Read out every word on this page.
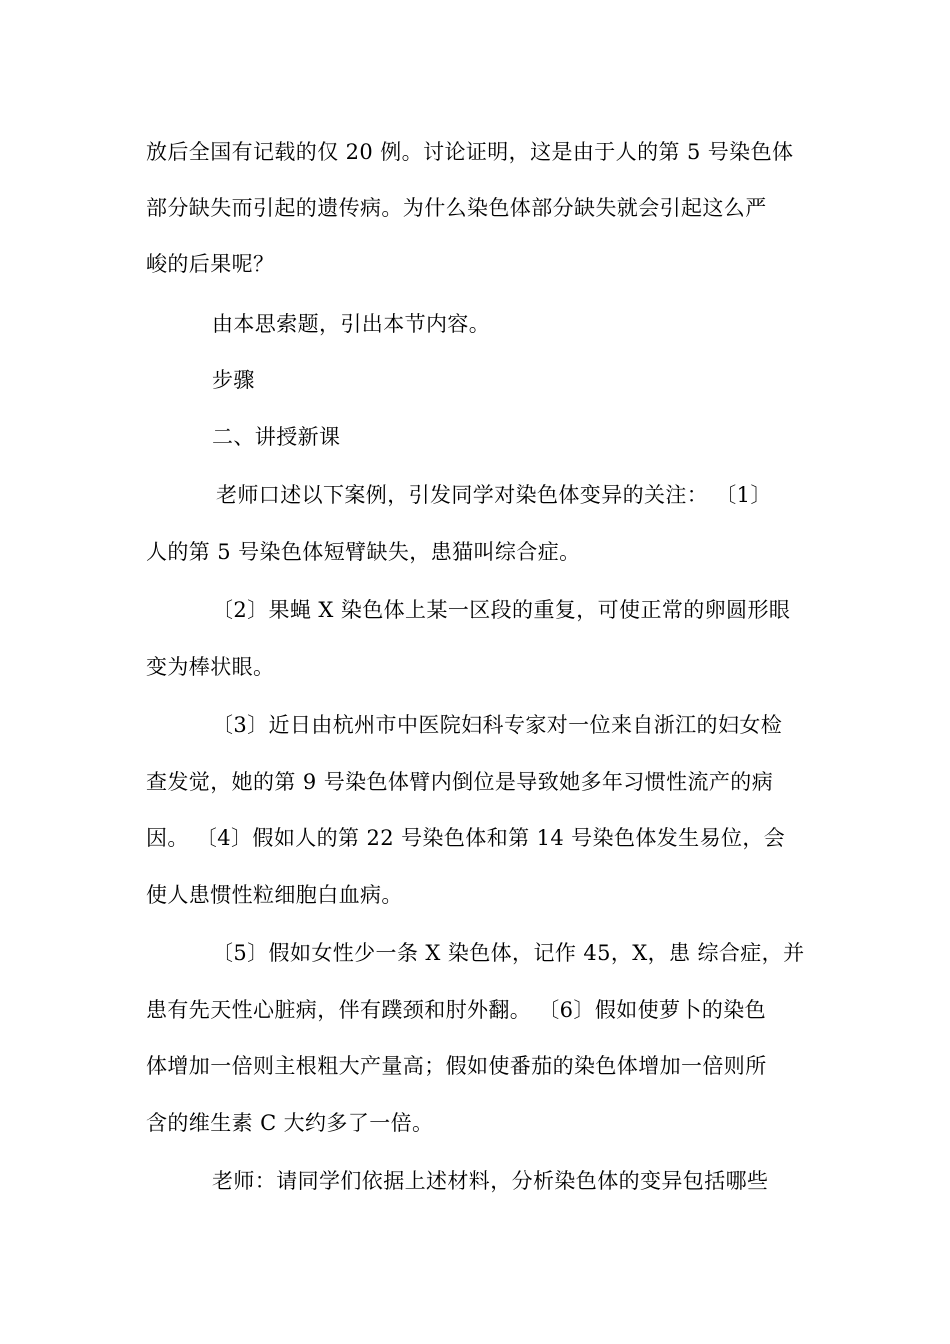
放后全国有记载的仅 20 例。讨论证明，这是由于人的第 5 号染色体
部分缺失而引起的遗传病。为什么染色体部分缺失就会引起这么严
峻的后果呢？
由本思索题，引出本节内容。
步骤
二、讲授新课
老师口述以下案例，引发同学对染色体变异的关注： 〔1〕
人的第 5 号染色体短臂缺失，患猫叫综合症。
〔2〕果蝇 X 染色体上某一区段的重复，可使正常的卵圆形眼
变为棒状眼。
〔3〕近日由杭州市中医院妇科专家对一位来自浙江的妇女检
查发觉，她的第 9 号染色体臂内倒位是导致她多年习惯性流产的病
因。 〔4〕假如人的第 22 号染色体和第 14 号染色体发生易位，会
使人患惯性粒细胞白血病。
〔5〕假如女性少一条 X 染色体，记作 45，X，患 综合症，并
患有先天性心脏病，伴有蹼颈和肘外翻。 〔6〕假如使萝卜的染色
体增加一倍则主根粗大产量高；假如使番茄的染色体增加一倍则所
含的维生素 C 大约多了一倍。
老师：请同学们依据上述材料，分析染色体的变异包括哪些
